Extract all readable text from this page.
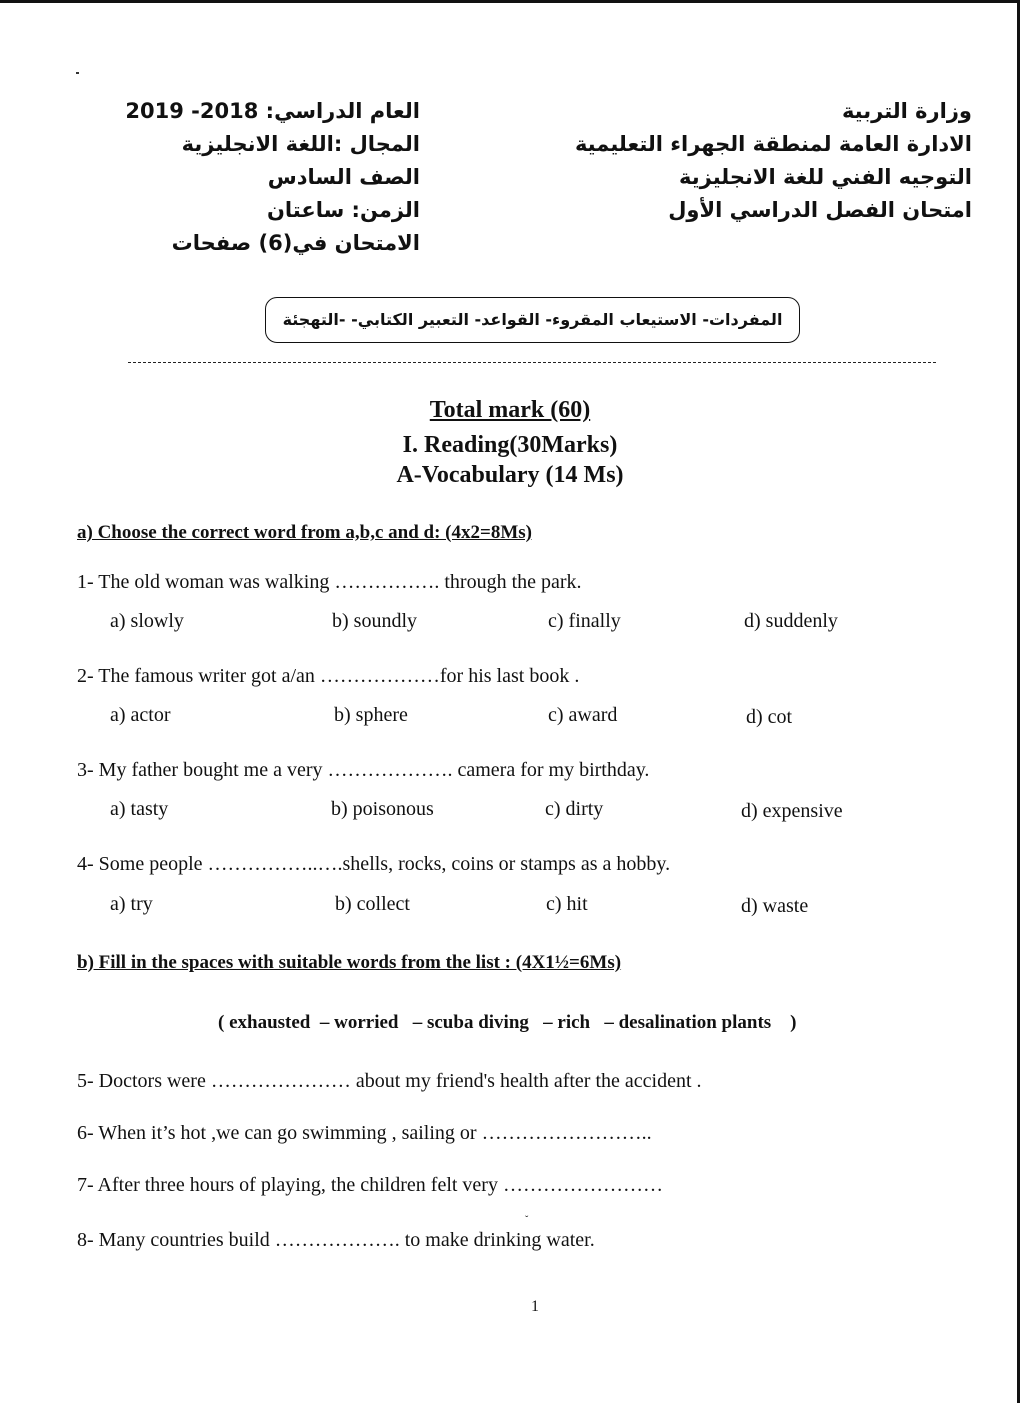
العام الدراسي: 2018- 2019
المجال :اللغة الانجليزية
الصف السادس
الزمن: ساعتان
الامتحان في(6) صفحات
وزارة التربية
الادارة العامة لمنطقة الجهراء التعليمية
التوجيه الفني للغة الانجليزية
امتحان الفصل الدراسي الأول
المفردات- الاستيعاب المقروء- القواعد- التعبير الكتابي- -التهجئة
Total mark (60)
I. Reading(30Marks)
A-Vocabulary (14 Ms)
a) Choose the correct word from a,b,c and d: (4x2=8Ms)
1- The old woman was walking ……………. through the park.
a) slowly	b) soundly	c) finally	d) suddenly
2- The famous writer got a/an ………………for his last book .
a) actor	b) sphere	c) award	d) cot
3- My father bought me a very ………………. camera for my birthday.
a) tasty	b) poisonous	c) dirty	d) expensive
4- Some people ……………..….shells, rocks, coins or stamps as a hobby.
a) try	b) collect	c) hit	d) waste
b) Fill in the spaces with suitable words from the list : (4X1½=6Ms)
( exhausted  – worried   – scuba diving   – rich   – desalination plants    )
5- Doctors were ………………… about my friend's health after the accident .
6- When it’s hot ,we can go swimming , sailing or ……………………..
7- After three hours of playing, the children felt very ……………………
ˇ
8- Many countries build ………………. to make drinking water.
1
